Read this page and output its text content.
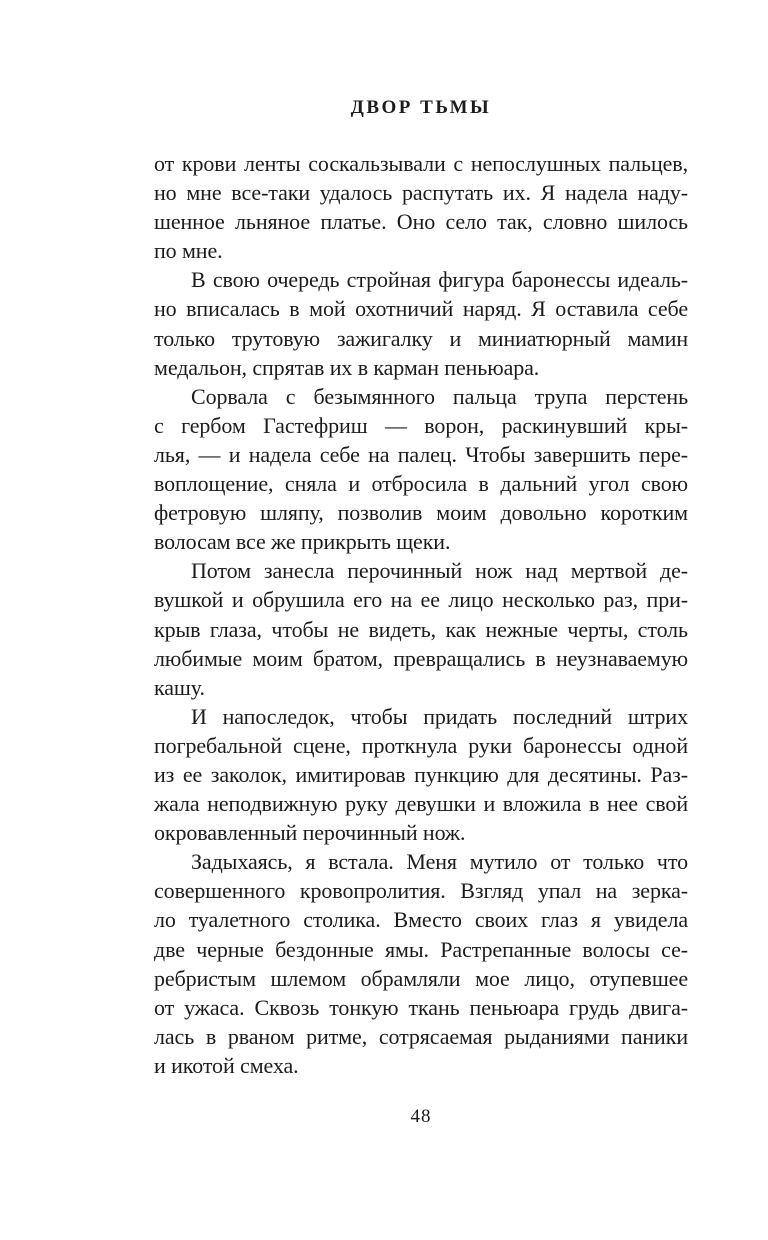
ДВОР ТЬМЫ
от крови ленты соскальзывали с непослушных пальцев,
но мне все-таки удалось распутать их. Я надела наду-
шенное льняное платье. Оно село так, словно шилось
по мне.
В свою очередь стройная фигура баронессы идеаль-
но вписалась в мой охотничий наряд. Я оставила себе
только трутовую зажигалку и миниатюрный мамин
медальон, спрятав их в карман пеньюара.
Сорвала с безымянного пальца трупа перстень
с гербом Гастефриш — ворон, раскинувший кры-
лья, — и надела себе на палец. Чтобы завершить пере-
воплощение, сняла и отбросила в дальний угол свою
фетровую шляпу, позволив моим довольно коротким
волосам все же прикрыть щеки.
Потом занесла перочинный нож над мертвой де-
вушкой и обрушила его на ее лицо несколько раз, при-
крыв глаза, чтобы не видеть, как нежные черты, столь
любимые моим братом, превращались в неузнаваемую
кашу.
И напоследок, чтобы придать последний штрих
погребальной сцене, проткнула руки баронессы одной
из ее заколок, имитировав пункцию для десятины. Раз-
жала неподвижную руку девушки и вложила в нее свой
окровавленный перочинный нож.
Задыхаясь, я встала. Меня мутило от только что
совершенного кровопролития. Взгляд упал на зерка-
ло туалетного столика. Вместо своих глаз я увидела
две черные бездонные ямы. Растрепанные волосы се-
ребристым шлемом обрамляли мое лицо, отупевшее
от ужаса. Сквозь тонкую ткань пеньюара грудь двига-
лась в рваном ритме, сотрясаемая рыданиями паники
и икотой смеха.
48
